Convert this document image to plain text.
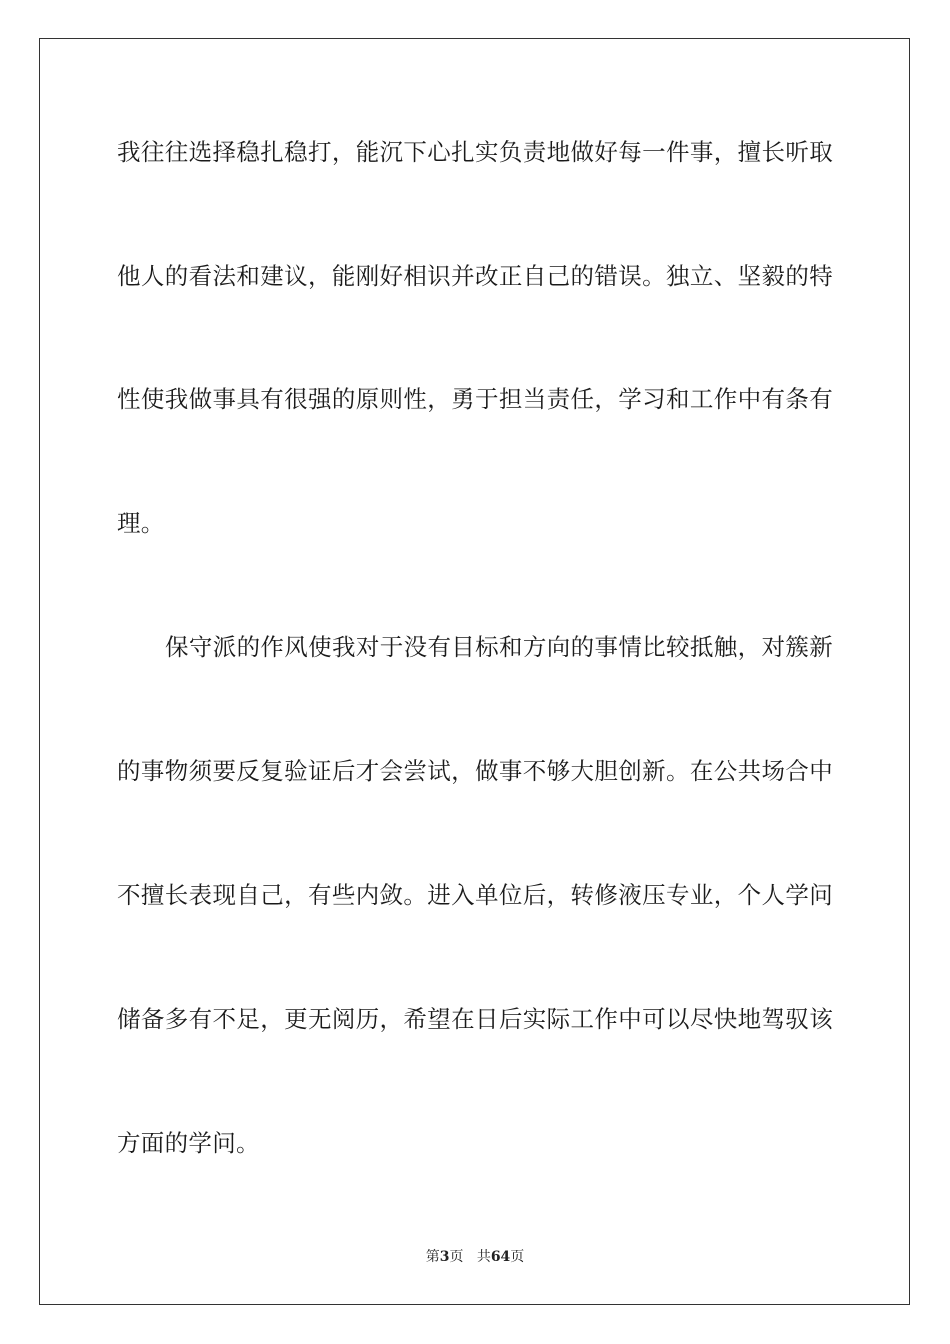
我往往选择稳扎稳打，能沉下心扎实负责地做好每一件事，擅长听取
他人的看法和建议，能刚好相识并改正自己的错误。独立、坚毅的特
性使我做事具有很强的原则性，勇于担当责任，学习和工作中有条有
理。
保守派的作风使我对于没有目标和方向的事情比较抵触，对簇新
的事物须要反复验证后才会尝试，做事不够大胆创新。在公共场合中
不擅长表现自己，有些内敛。进入单位后，转修液压专业，个人学问
储备多有不足，更无阅历，希望在日后实际工作中可以尽快地驾驭该
方面的学问。
第3页 共64页
